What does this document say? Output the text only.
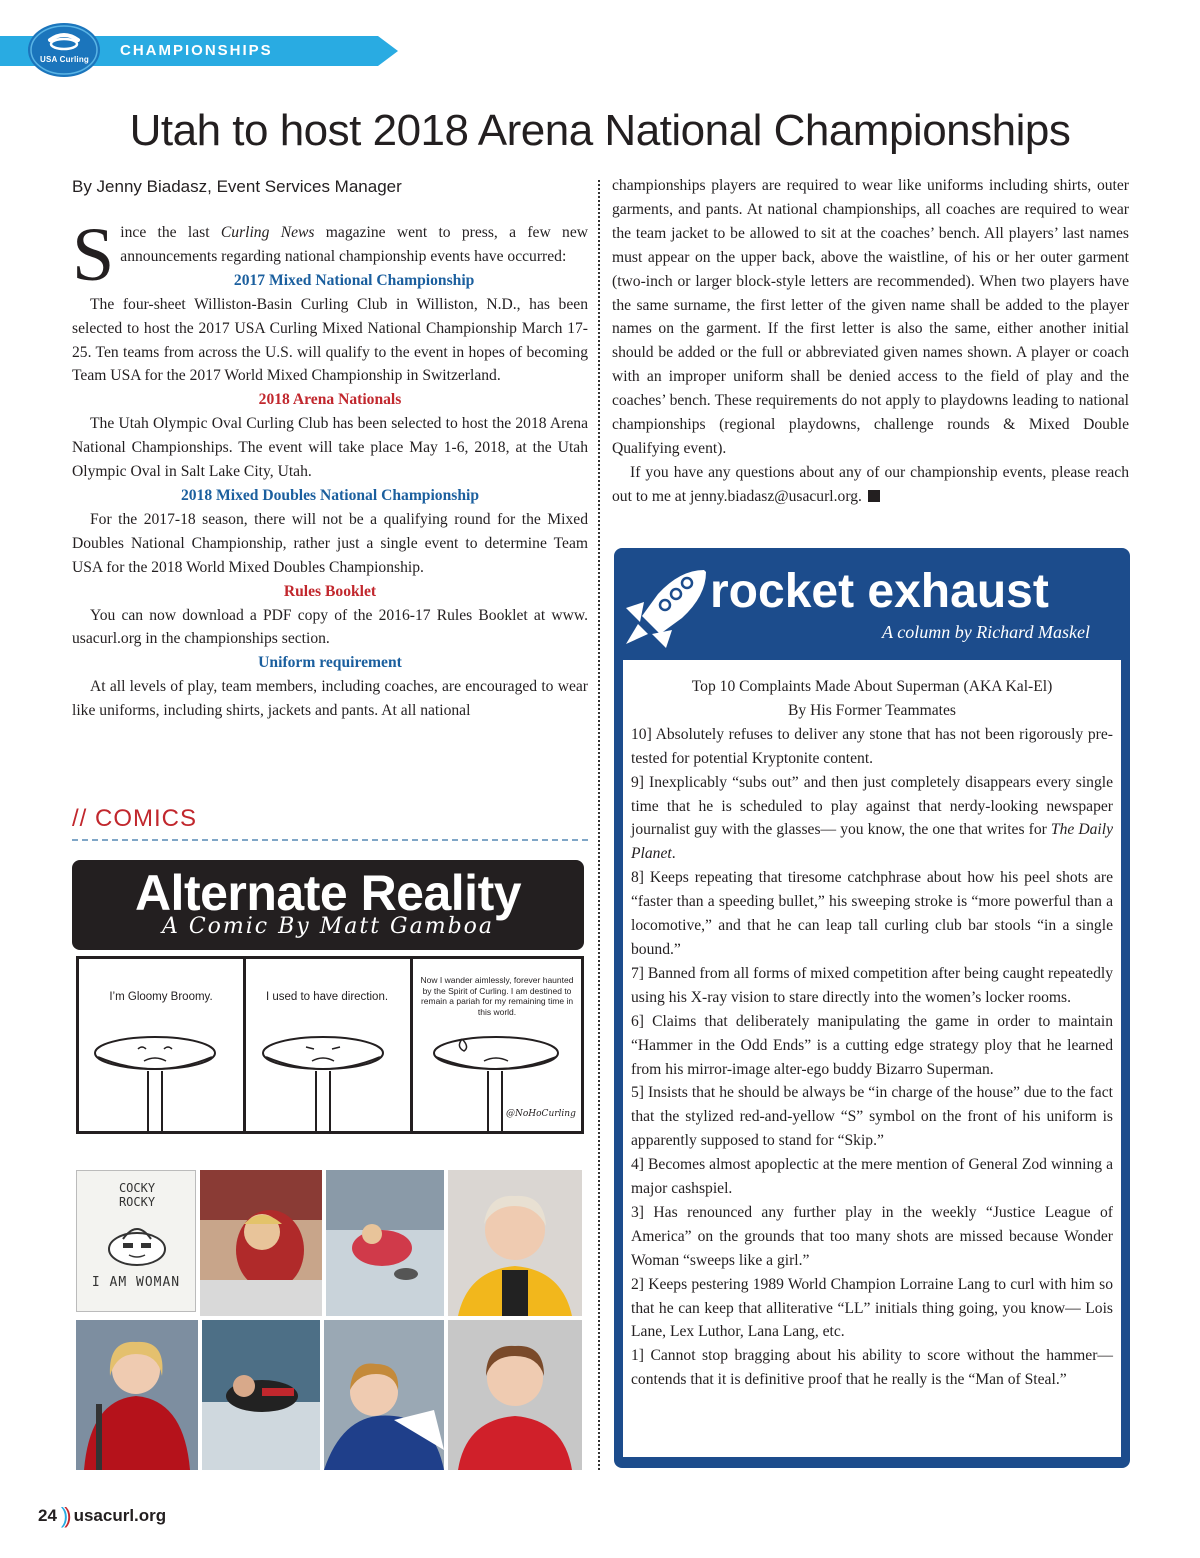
CHAMPIONSHIPS
USA Curling
Utah to host 2018 Arena National Championships
By Jenny Biadasz, Event Services Manager

Since the last Curling News magazine went to press, a few new announcements regarding national championship events have occurred:

2017 Mixed National Championship

The four-sheet Williston-Basin Curling Club in Williston, N.D., has been selected to host the 2017 USA Curling Mixed National Championship March 17-25. Ten teams from across the U.S. will qualify to the event in hopes of becoming Team USA for the 2017 World Mixed Championship in Switzerland.

2018 Arena Nationals

The Utah Olympic Oval Curling Club has been selected to host the 2018 Arena National Championships. The event will take place May 1-6, 2018, at the Utah Olympic Oval in Salt Lake City, Utah.

2018 Mixed Doubles National Championship

For the 2017-18 season, there will not be a qualifying round for the Mixed Doubles National Championship, rather just a single event to determine Team USA for the 2018 World Mixed Doubles Championship.

Rules Booklet

You can now download a PDF copy of the 2016-17 Rules Booklet at www. usacurl.org in the championships section.

Uniform requirement

At all levels of play, team members, including coaches, are encouraged to wear like uniforms, including shirts, jackets and pants. At all national

championships players are required to wear like uniforms including shirts, outer garments, and pants. At national championships, all coaches are required to wear the team jacket to be allowed to sit at the coaches’ bench. All players’ last names must appear on the upper back, above the waistline, of his or her outer garment (two-inch or larger block-style letters are recommended). When two players have the same surname, the first letter of the given name shall be added to the player names on the garment. If the first letter is also the same, either another initial should be added or the full or abbreviated given names shown. A player or coach with an improper uniform shall be denied access to the field of play and the coaches’ bench. These requirements do not apply to playdowns leading to national championships (regional playdowns, challenge rounds & Mixed Double Qualifying event).

If you have any questions about any of our championship events, please reach out to me at jenny.biadasz@usacurl.org.

// COMICS
Alternate Reality
A Comic By Matt Gamboa
I’m Gloomy Broomy.	I used to have direction.
Now I wander aimlessly, forever haunted by the Spirit of Curling. I am destined to remain a pariah for my remaining time in this world.
@NoHoCurling
COCKY ROCKY
I AM WOMAN
rocket exhaust
A column by Richard Maskel
Top 10 Complaints Made About Superman (AKA Kal-El)
By His Former Teammates
10] Absolutely refuses to deliver any stone that has not been rigorously pre-tested for potential Kryptonite content.
9] Inexplicably “subs out” and then just completely disappears every single time that he is scheduled to play against that nerdy-looking newspaper journalist guy with the glasses— you know, the one that writes for The Daily Planet.
8] Keeps repeating that tiresome catchphrase about how his peel shots are “faster than a speeding bullet,” his sweeping stroke is “more powerful than a locomotive,” and that he can leap tall curling club bar stools “in a single bound.”
7] Banned from all forms of mixed competition after being caught repeatedly using his X-ray vision to stare directly into the women’s locker rooms.
6] Claims that deliberately manipulating the game in order to maintain “Hammer in the Odd Ends” is a cutting edge strategy ploy that he learned from his mirror-image alter-ego buddy Bizarro Superman.
5] Insists that he should be always be “in charge of the house” due to the fact that the stylized red-and-yellow “S” symbol on the front of his uniform is apparently supposed to stand for “Skip.”
4] Becomes almost apoplectic at the mere mention of General Zod winning a major cashspiel.
3] Has renounced any further play in the weekly “Justice League of America” on the grounds that too many shots are missed because Wonder Woman “sweeps like a girl.”
2] Keeps pestering 1989 World Champion Lorraine Lang to curl with him so that he can keep that alliterative “LL” initials thing going, you know— Lois Lane, Lex Luthor, Lana Lang, etc.
1] Cannot stop bragging about his ability to score without the hammer— contends that it is definitive proof that he really is the “Man of Steal.”
24 )) usacurl.org
